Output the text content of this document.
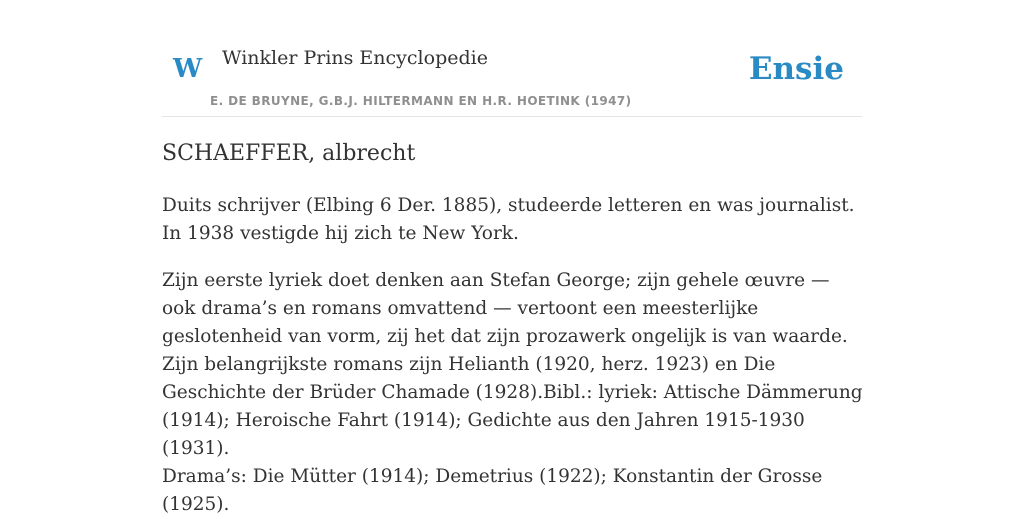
W Winkler Prins Encyclopedie
E. DE BRUYNE, G.B.J. HILTERMANN EN H.R. HOETINK (1947)
Ensie
SCHAEFFER, albrecht

Duits schrijver (Elbing 6 Der. 1885), studeerde letteren en was journalist. In 1938 vestigde hij zich te New York.

Zijn eerste lyriek doet denken aan Stefan George; zijn gehele œuvre — ook drama’s en romans omvattend — vertoont een meesterlijke geslotenheid van vorm, zij het dat zijn prozawerk ongelijk is van waarde. Zijn belangrijkste romans zijn Helianth (1920, herz. 1923) en Die Geschichte der Brüder Chamade (1928).Bibl.: lyriek: Attische Dämmerung (1914); Heroische Fahrt (1914); Gedichte aus den Jahren 1915-1930 (1931).

Drama’s: Die Mütter (1914); Demetrius (1922); Konstantin der Grosse (1925).
